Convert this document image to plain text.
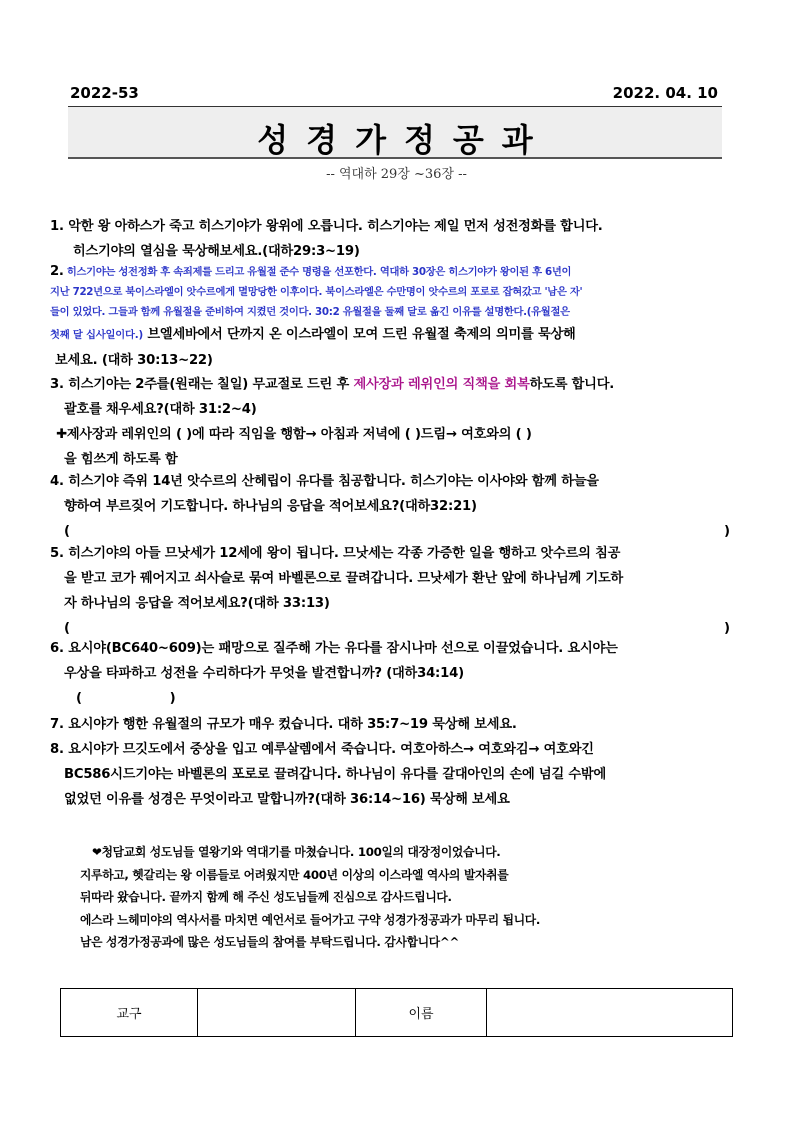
2022-53	2022. 04. 10
성경가정공과
-- 역대하 29장 ~36장 --
1. 악한 왕 아하스가 죽고 히스기야가 왕위에 오릅니다. 히스기야는 제일 먼저 성전정화를 합니다.
히스기야의 열심을 묵상해보세요.(대하29:3~19)
2. 히스기야는 성전정화 후 속죄제를 드리고 유월절 준수 명령을 선포한다. 역대하 30장은 히스기야가 왕이된 후 6년이
지난 722년으로 북이스라엘이 앗수르에게 멸망당한 이후이다. 북이스라엘은 수만명이 앗수르의 포로로 잡혀갔고 '남은 자'
들이 있었다. 그들과 함께 유월절을 준비하여 지켰던 것이다. 30:2 유월절을 둘째 달로 옮긴 이유를 설명한다.(유월절은
첫째 달 십사일이다.) 브엘세바에서 단까지 온 이스라엘이 모여 드린 유월절 축제의 의미를 묵상해
보세요. (대하 30:13~22)
3. 히스기야는 2주를(원래는 칠일) 무교절로 드린 후 제사장과 레위인의 직책을 회복하도록 합니다.
괄호를 채우세요?(대하 31:2~4)
✚제사장과 레위인의 ( )에 따라 직임을 행함→ 아침과 저녁에 ( )드림→ 여호와의 ( )
을 힘쓰게 하도록 함
4. 히스기야 즉위 14년 앗수르의 산헤립이 유다를 침공합니다. 히스기야는 이사야와 함께 하늘을
향하여 부르짖어 기도합니다. 하나님의 응답을 적어보세요?(대하32:21)
(	)
5. 히스기야의 아들 므낫세가 12세에 왕이 됩니다. 므낫세는 각종 가증한 일을 행하고 앗수르의 침공
을 받고 코가 꿰어지고 쇠사슬로 묶여 바벨론으로 끌려갑니다. 므낫세가 환난 앞에 하나님께 기도하
자 하나님의 응답을 적어보세요?(대하 33:13)
(	)
6. 요시야(BC640~609)는 패망으로 질주해 가는 유다를 잠시나마 선으로 이끌었습니다. 요시야는
우상을 타파하고 성전을 수리하다가 무엇을 발견합니까? (대하34:14)
(                    )
7. 요시야가 행한 유월절의 규모가 매우 컸습니다. 대하 35:7~19 묵상해 보세요.
8. 요시야가 므깃도에서 중상을 입고 예루살렘에서 죽습니다. 여호아하스→ 여호와김→ 여호와긴
BC586시드기야는 바벨론의 포로로 끌려갑니다. 하나님이 유다를 갈대아인의 손에 넘길 수밖에
없었던 이유를 성경은 무엇이라고 말합니까?(대하 36:14~16) 묵상해 보세요
❤청담교회 성도님들 열왕기와 역대기를 마쳤습니다. 100일의 대장정이었습니다.
지루하고, 헷갈리는 왕 이름들로 어려웠지만 400년 이상의 이스라엘 역사의 발자취를
뒤따라 왔습니다. 끝까지 함께 해 주신 성도님들께 진심으로 감사드립니다.
에스라 느헤미야의 역사서를 마치면 예언서로 들어가고 구약 성경가정공과가 마무리 됩니다.
남은 성경가정공과에 많은 성도님들의 참여를 부탁드립니다. 감사합니다^^
교구		이름	
